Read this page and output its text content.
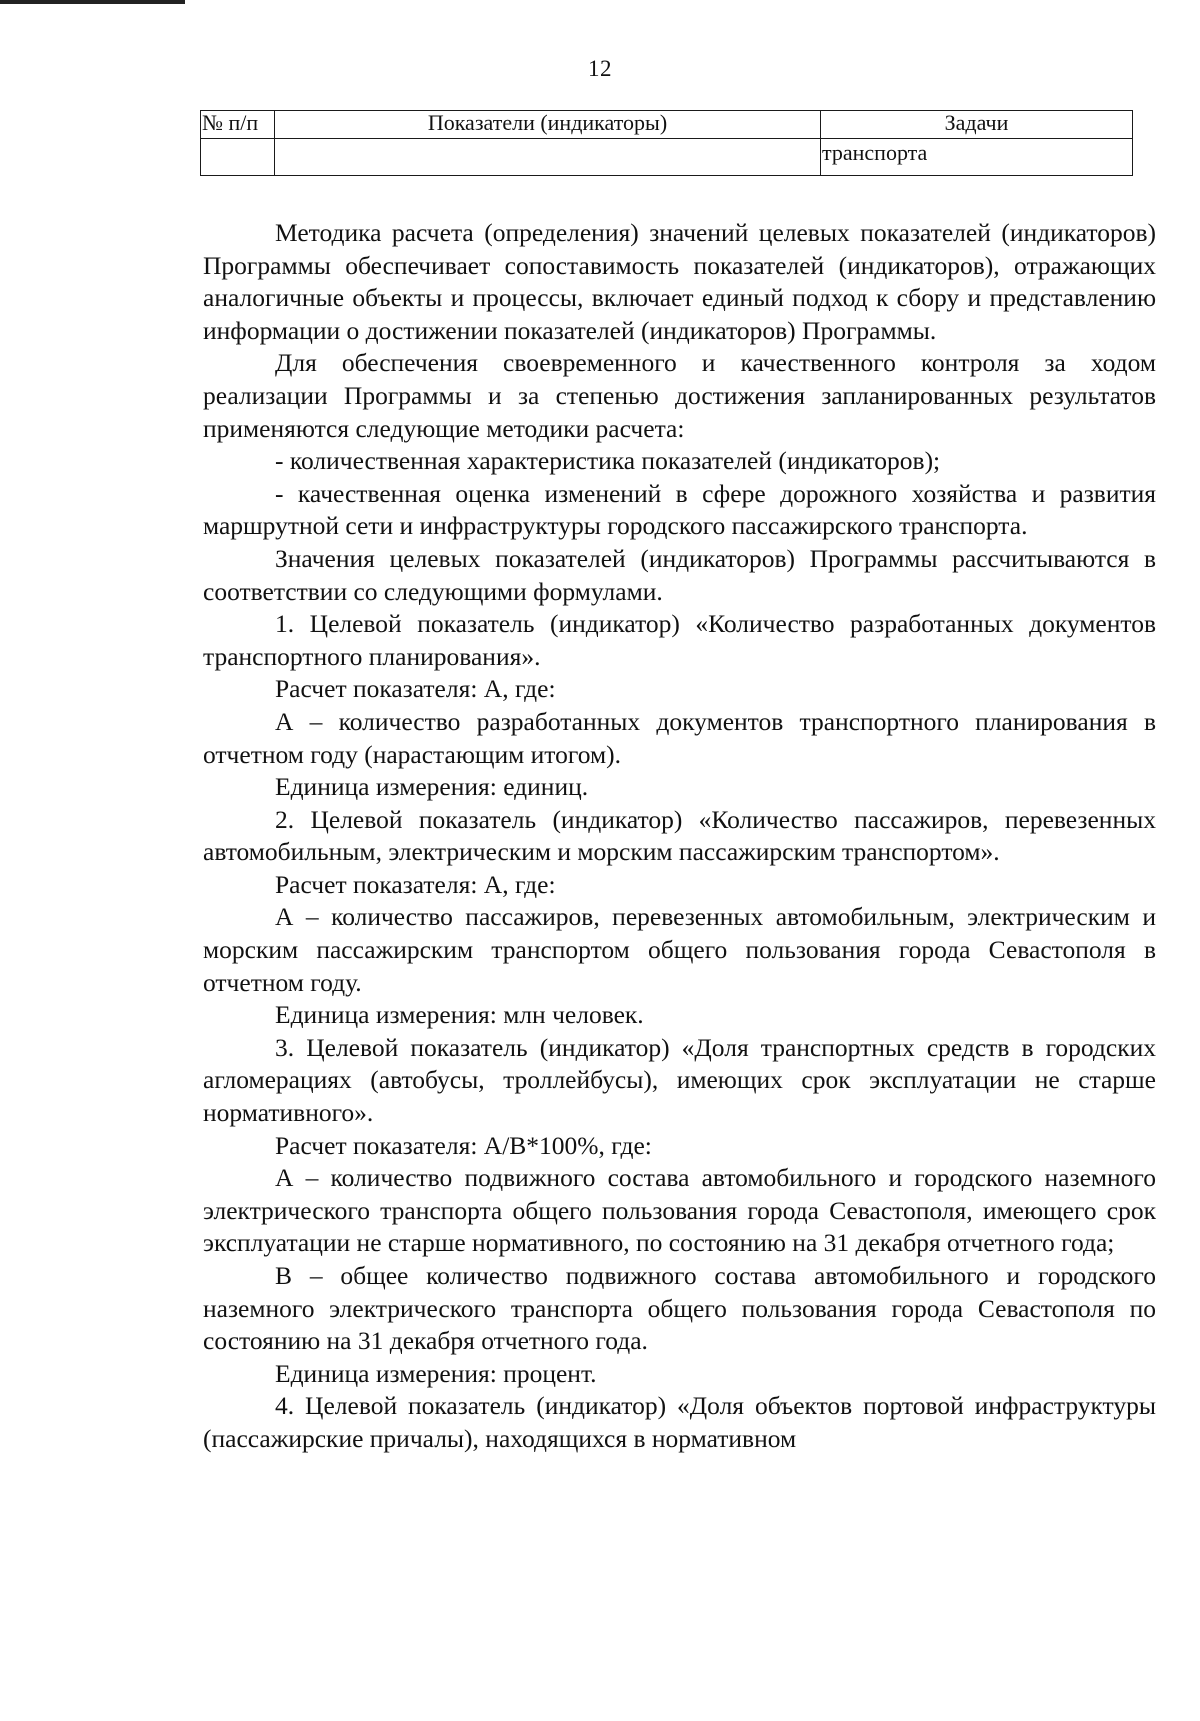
12
№ п/п	Показатели (индикаторы)	Задачи
		транспорта

Методика расчета (определения) значений целевых показателей (индикаторов) Программы обеспечивает сопоставимость показателей (индикаторов), отражающих аналогичные объекты и процессы, включает единый подход к сбору и представлению информации о достижении показателей (индикаторов) Программы.

Для обеспечения своевременного и качественного контроля за ходом реализации Программы и за степенью достижения запланированных результатов применяются следующие методики расчета:

- количественная характеристика показателей (индикаторов);

- качественная оценка изменений в сфере дорожного хозяйства и развития маршрутной сети и инфраструктуры городского пассажирского транспорта.

Значения целевых показателей (индикаторов) Программы рассчитываются в соответствии со следующими формулами.

1. Целевой показатель (индикатор) «Количество разработанных документов транспортного планирования».

Расчет показателя: А, где:

А – количество разработанных документов транспортного планирования в отчетном году (нарастающим итогом).

Единица измерения: единиц.

2. Целевой показатель (индикатор) «Количество пассажиров, перевезенных автомобильным, электрическим и морским пассажирским транспортом».

Расчет показателя: А, где:

А – количество пассажиров, перевезенных автомобильным, электрическим и морским пассажирским транспортом общего пользования города Севастополя в отчетном году.

Единица измерения: млн человек.

3. Целевой показатель (индикатор) «Доля транспортных средств в городских агломерациях (автобусы, троллейбусы), имеющих срок эксплуатации не старше нормативного».

Расчет показателя: А/В*100%, где:

А – количество подвижного состава автомобильного и городского наземного электрического транспорта общего пользования города Севастополя, имеющего срок эксплуатации не старше нормативного, по состоянию на 31 декабря отчетного года;

В – общее количество подвижного состава автомобильного и городского наземного электрического транспорта общего пользования города Севастополя по состоянию на 31 декабря отчетного года.

Единица измерения: процент.

4. Целевой показатель (индикатор) «Доля объектов портовой инфраструктуры (пассажирские причалы), находящихся в нормативном
